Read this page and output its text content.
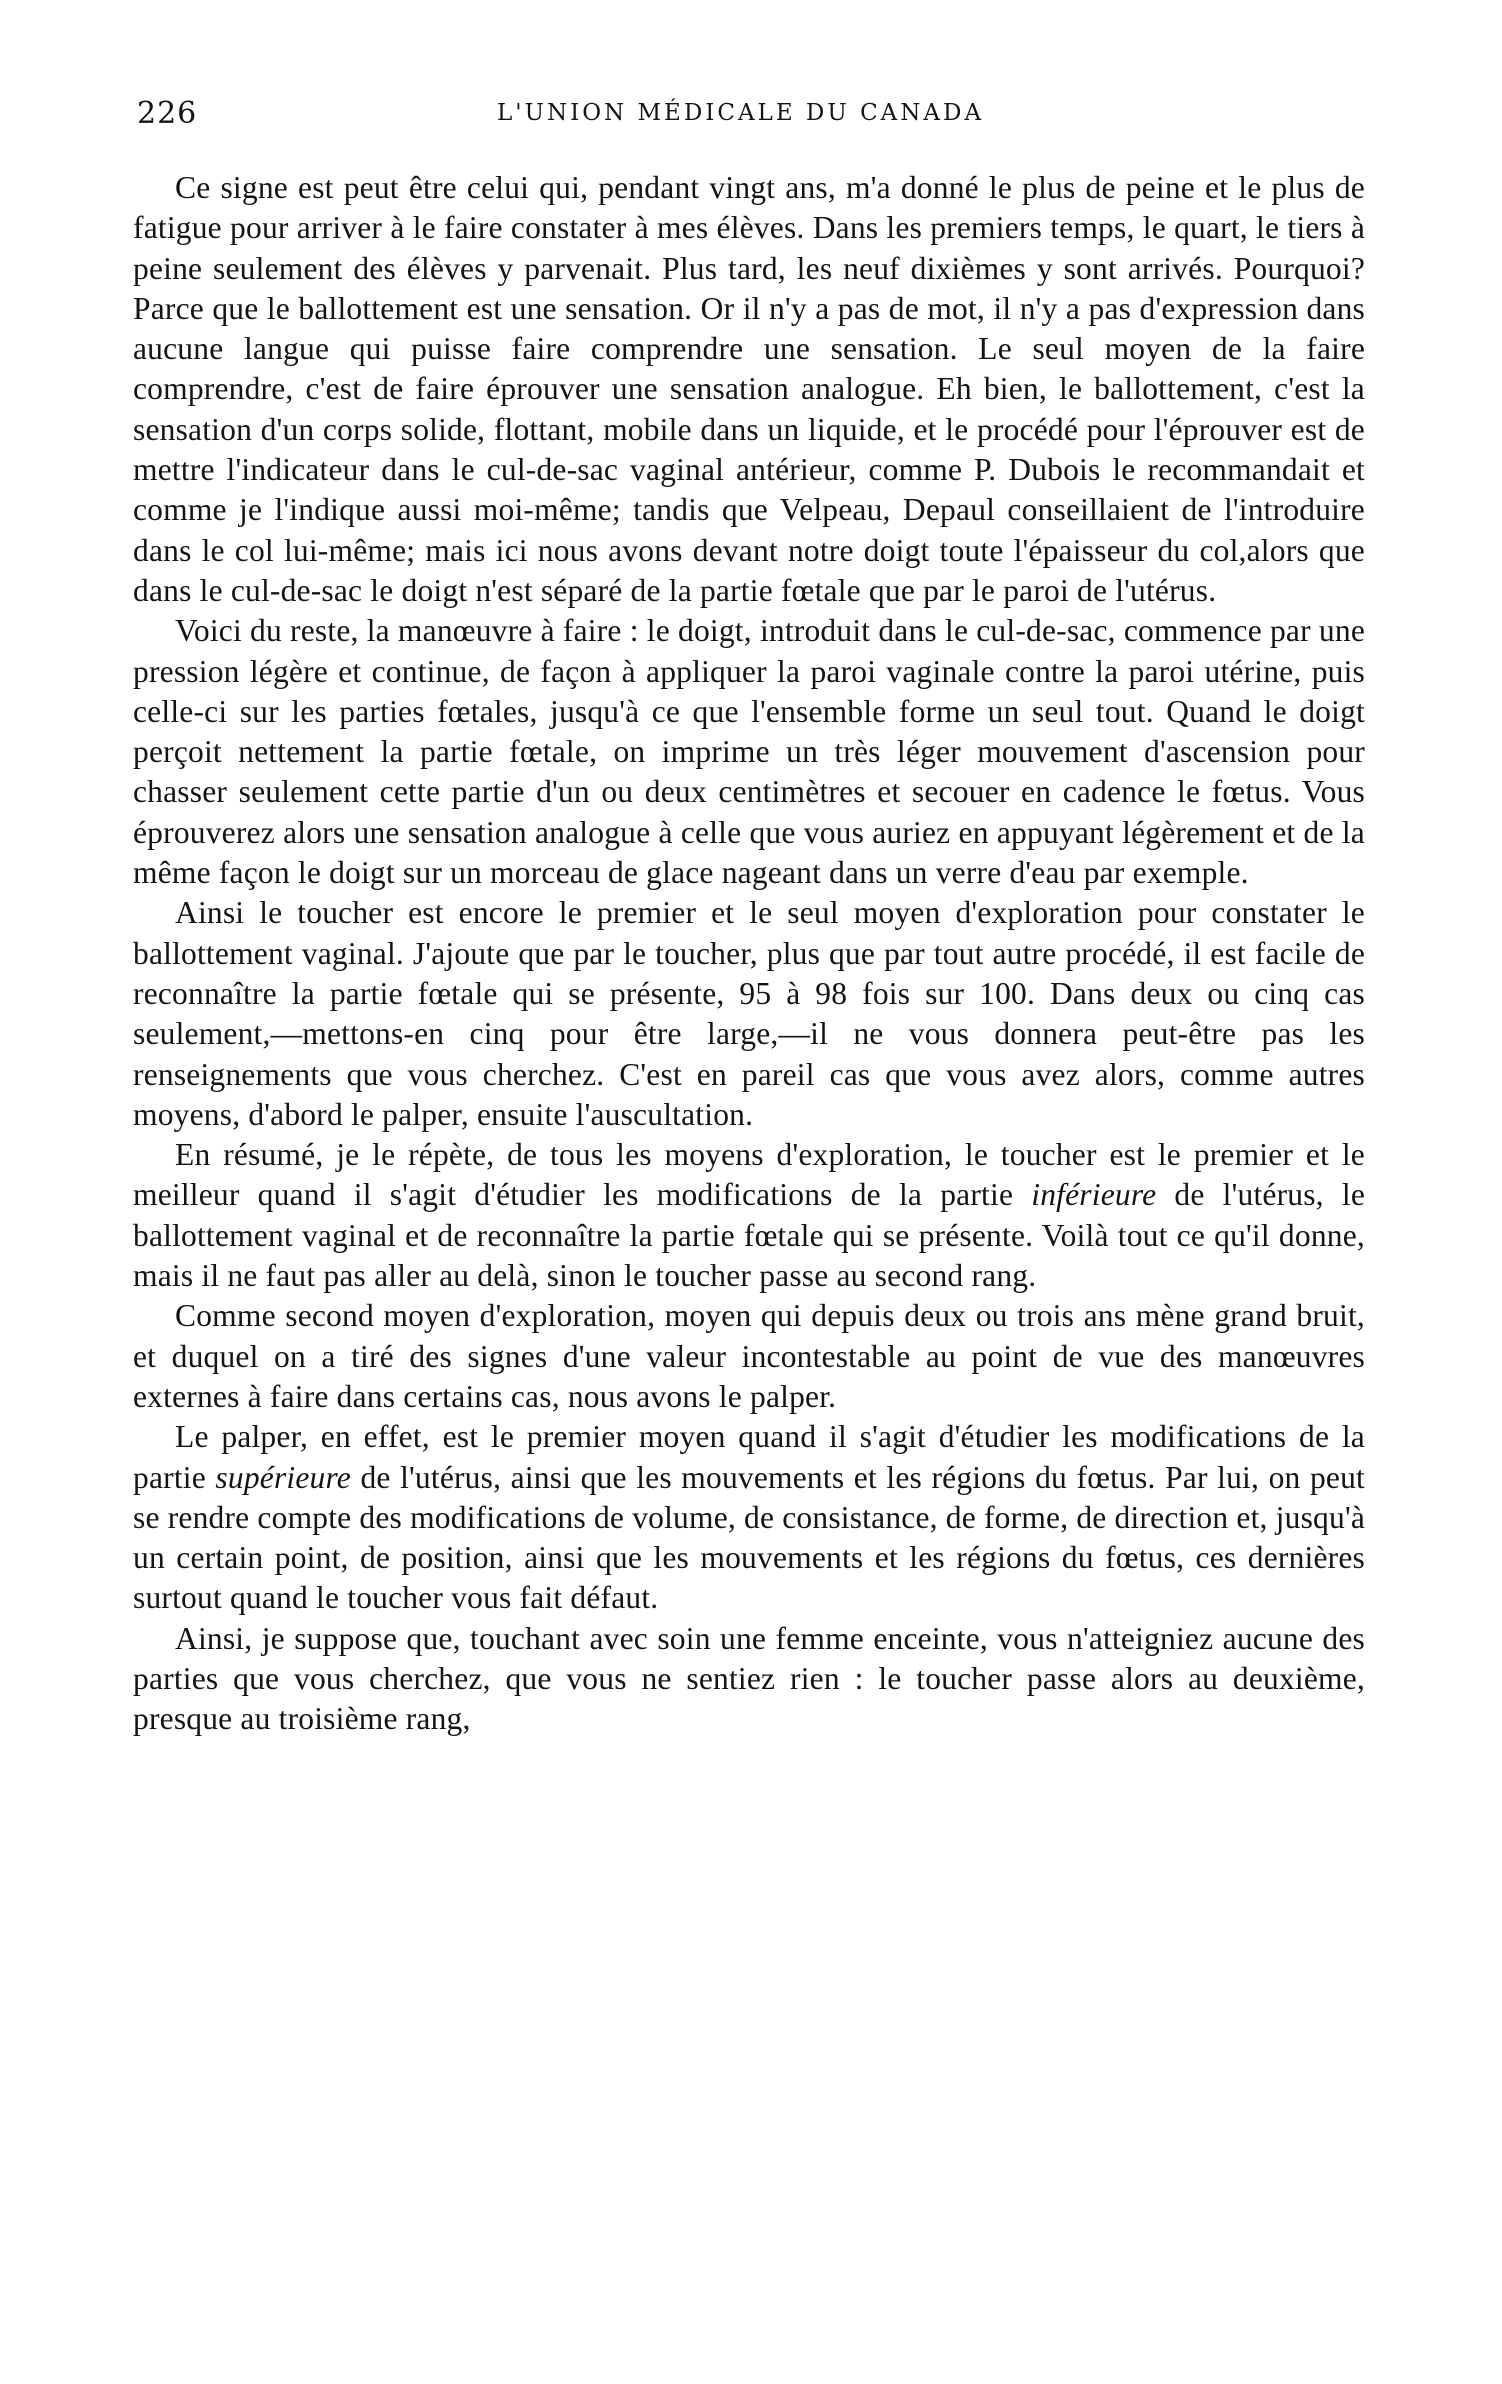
226	L'UNION MÉDICALE DU CANADA

Ce signe est peut être celui qui, pendant vingt ans, m'a donné le plus de peine et le plus de fatigue pour arriver à le faire constater à mes élèves. Dans les premiers temps, le quart, le tiers à peine seulement des élèves y parvenait. Plus tard, les neuf dixièmes y sont arrivés. Pourquoi? Parce que le ballottement est une sensation. Or il n'y a pas de mot, il n'y a pas d'expression dans aucune langue qui puisse faire comprendre une sensation. Le seul moyen de la faire comprendre, c'est de faire éprouver une sensation analogue. Eh bien, le ballottement, c'est la sensation d'un corps solide, flottant, mobile dans un liquide, et le procédé pour l'éprouver est de mettre l'indicateur dans le cul-de-sac vaginal antérieur, comme P. Dubois le recommandait et comme je l'indique aussi moi-même; tandis que Velpeau, Depaul conseillaient de l'introduire dans le col lui-même; mais ici nous avons devant notre doigt toute l'épaisseur du col,alors que dans le cul-de-sac le doigt n'est séparé de la partie fœtale que par le paroi de l'utérus.

Voici du reste, la manœuvre à faire : le doigt, introduit dans le cul-de-sac, commence par une pression légère et continue, de façon à appliquer la paroi vaginale contre la paroi utérine, puis celle-ci sur les parties fœtales, jusqu'à ce que l'ensemble forme un seul tout. Quand le doigt perçoit nettement la partie fœtale, on imprime un très léger mouvement d'ascension pour chasser seulement cette partie d'un ou deux centimètres et secouer en cadence le fœtus. Vous éprouverez alors une sensation analogue à celle que vous auriez en appuyant légèrement et de la même façon le doigt sur un morceau de glace nageant dans un verre d'eau par exemple.

Ainsi le toucher est encore le premier et le seul moyen d'exploration pour constater le ballottement vaginal. J'ajoute que par le toucher, plus que par tout autre procédé, il est facile de reconnaître la partie fœtale qui se présente, 95 à 98 fois sur 100. Dans deux ou cinq cas seulement,—mettons-en cinq pour être large,—il ne vous donnera peut-être pas les renseignements que vous cherchez. C'est en pareil cas que vous avez alors, comme autres moyens, d'abord le palper, ensuite l'auscultation.

En résumé, je le répète, de tous les moyens d'exploration, le toucher est le premier et le meilleur quand il s'agit d'étudier les modifications de la partie inférieure de l'utérus, le ballottement vaginal et de reconnaître la partie fœtale qui se présente. Voilà tout ce qu'il donne, mais il ne faut pas aller au delà, sinon le toucher passe au second rang.

Comme second moyen d'exploration, moyen qui depuis deux ou trois ans mène grand bruit, et duquel on a tiré des signes d'une valeur incontestable au point de vue des manœuvres externes à faire dans certains cas, nous avons le palper.

Le palper, en effet, est le premier moyen quand il s'agit d'étudier les modifications de la partie supérieure de l'utérus, ainsi que les mouvements et les régions du fœtus. Par lui, on peut se rendre compte des modifications de volume, de consistance, de forme, de direction et, jusqu'à un certain point, de position, ainsi que les mouvements et les régions du fœtus, ces dernières surtout quand le toucher vous fait défaut.

Ainsi, je suppose que, touchant avec soin une femme enceinte, vous n'atteigniez aucune des parties que vous cherchez, que vous ne sentiez rien : le toucher passe alors au deuxième, presque au troisième rang,
